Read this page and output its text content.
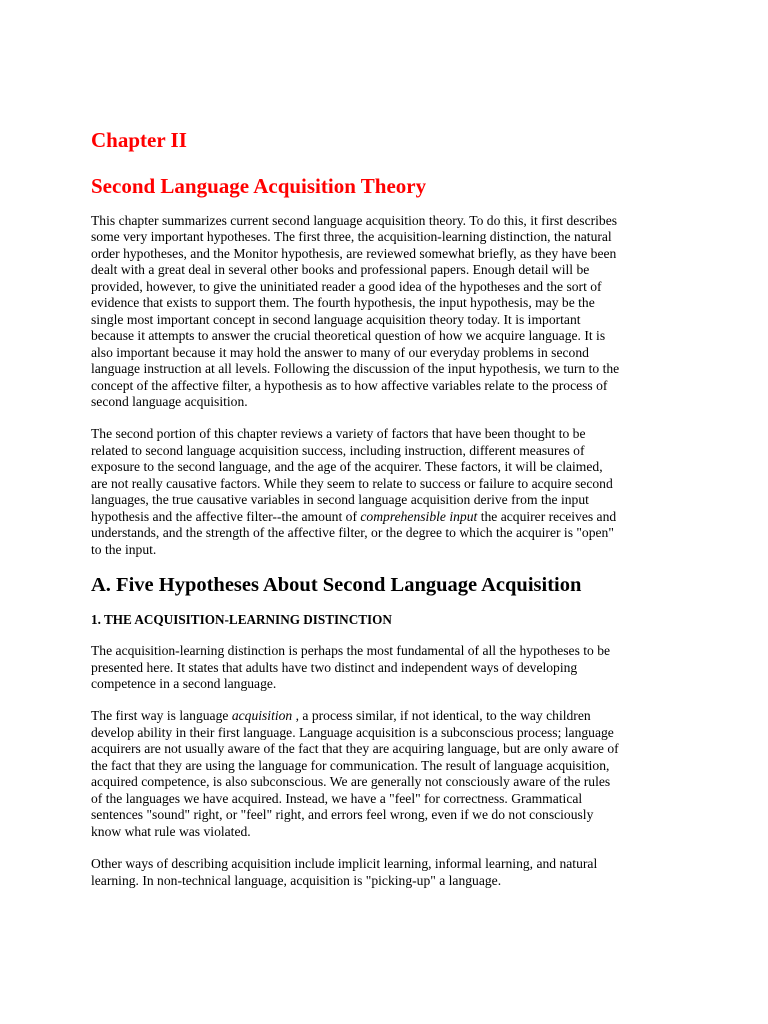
Chapter II
Second Language Acquisition Theory

This chapter summarizes current second language acquisition theory. To do this, it first describes
some very important hypotheses. The first three, the acquisition-learning distinction, the natural
order hypotheses, and the Monitor hypothesis, are reviewed somewhat briefly, as they have been
dealt with a great deal in several other books and professional papers. Enough detail will be
provided, however, to give the uninitiated reader a good idea of the hypotheses and the sort of
evidence that exists to support them. The fourth hypothesis, the input hypothesis, may be the
single most important concept in second language acquisition theory today. It is important
because it attempts to answer the crucial theoretical question of how we acquire language. It is
also important because it may hold the answer to many of our everyday problems in second
language instruction at all levels. Following the discussion of the input hypothesis, we turn to the
concept of the affective filter, a hypothesis as to how affective variables relate to the process of
second language acquisition.

The second portion of this chapter reviews a variety of factors that have been thought to be
related to second language acquisition success, including instruction, different measures of
exposure to the second language, and the age of the acquirer. These factors, it will be claimed,
are not really causative factors. While they seem to relate to success or failure to acquire second
languages, the true causative variables in second language acquisition derive from the input
hypothesis and the affective filter--the amount of comprehensible input the acquirer receives and
understands, and the strength of the affective filter, or the degree to which the acquirer is "open"
to the input.

A. Five Hypotheses About Second Language Acquisition
1. THE ACQUISITION-LEARNING DISTINCTION

The acquisition-learning distinction is perhaps the most fundamental of all the hypotheses to be
presented here. It states that adults have two distinct and independent ways of developing
competence in a second language.

The first way is language acquisition , a process similar, if not identical, to the way children
develop ability in their first language. Language acquisition is a subconscious process; language
acquirers are not usually aware of the fact that they are acquiring language, but are only aware of
the fact that they are using the language for communication. The result of language acquisition,
acquired competence, is also subconscious. We are generally not consciously aware of the rules
of the languages we have acquired. Instead, we have a "feel" for correctness. Grammatical
sentences "sound" right, or "feel" right, and errors feel wrong, even if we do not consciously
know what rule was violated.

Other ways of describing acquisition include implicit learning, informal learning, and natural
learning. In non-technical language, acquisition is "picking-up" a language.
